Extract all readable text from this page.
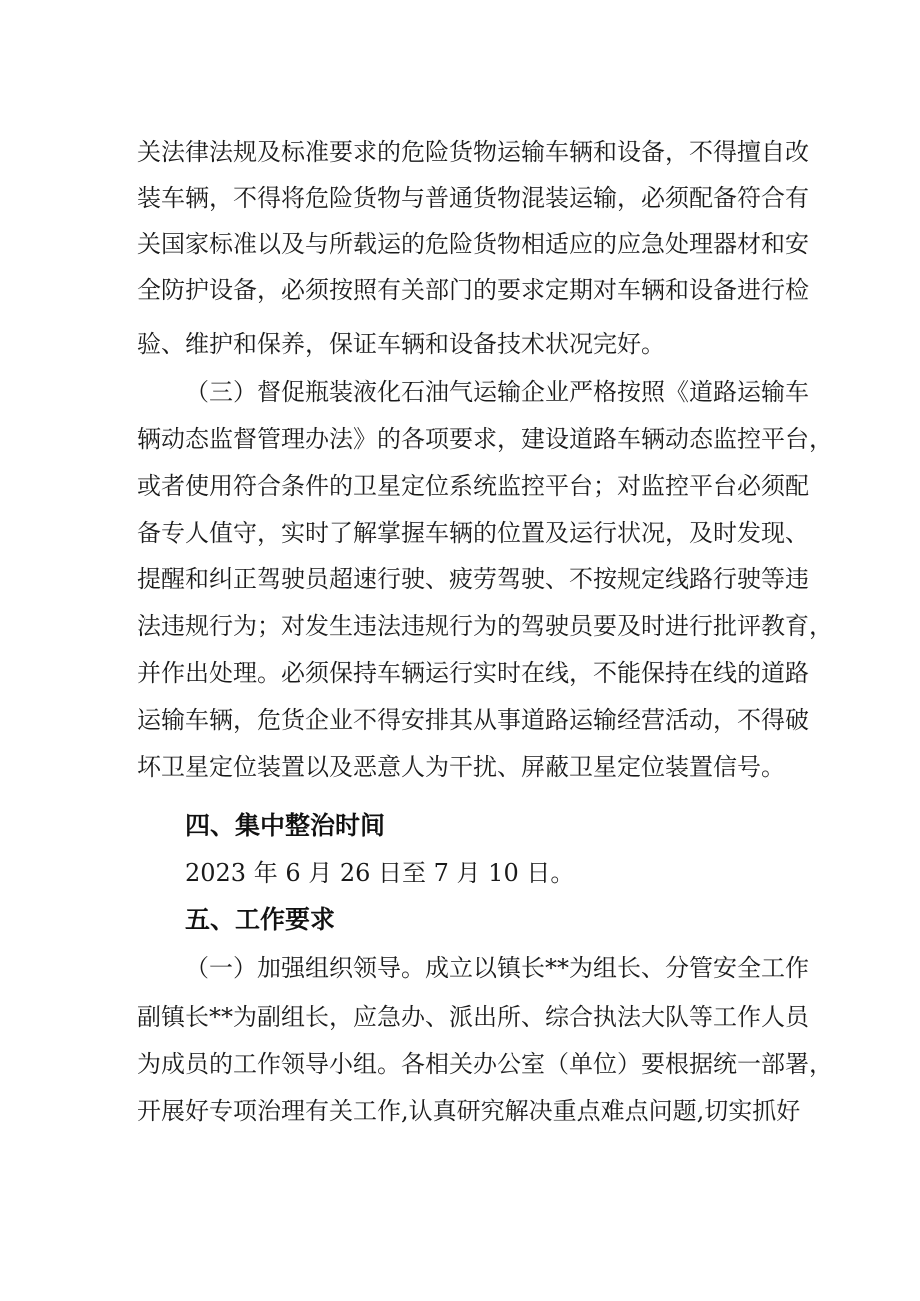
关法律法规及标准要求的危险货物运输车辆和设备，不得擅自改
装车辆，不得将危险货物与普通货物混装运输，必须配备符合有
关国家标准以及与所载运的危险货物相适应的应急处理器材和安
全防护设备，必须按照有关部门的要求定期对车辆和设备进行检
验、维护和保养，保证车辆和设备技术状况完好。
（三）督促瓶装液化石油气运输企业严格按照《道路运输车
辆动态监督管理办法》的各项要求，建设道路车辆动态监控平台，
或者使用符合条件的卫星定位系统监控平台；对监控平台必须配
备专人值守，实时了解掌握车辆的位置及运行状况，及时发现、
提醒和纠正驾驶员超速行驶、疲劳驾驶、不按规定线路行驶等违
法违规行为；对发生违法违规行为的驾驶员要及时进行批评教育，
并作出处理。必须保持车辆运行实时在线，不能保持在线的道路
运输车辆，危货企业不得安排其从事道路运输经营活动，不得破
坏卫星定位装置以及恶意人为干扰、屏蔽卫星定位装置信号。
四、集中整治时间
2023 年 6 月 26 日至 7 月 10 日。
五、工作要求
（一）加强组织领导。成立以镇长**为组长、分管安全工作
副镇长**为副组长，应急办、派出所、综合执法大队等工作人员
为成员的工作领导小组。各相关办公室（单位）要根据统一部署，
开展好专项治理有关工作,认真研究解决重点难点问题,切实抓好
